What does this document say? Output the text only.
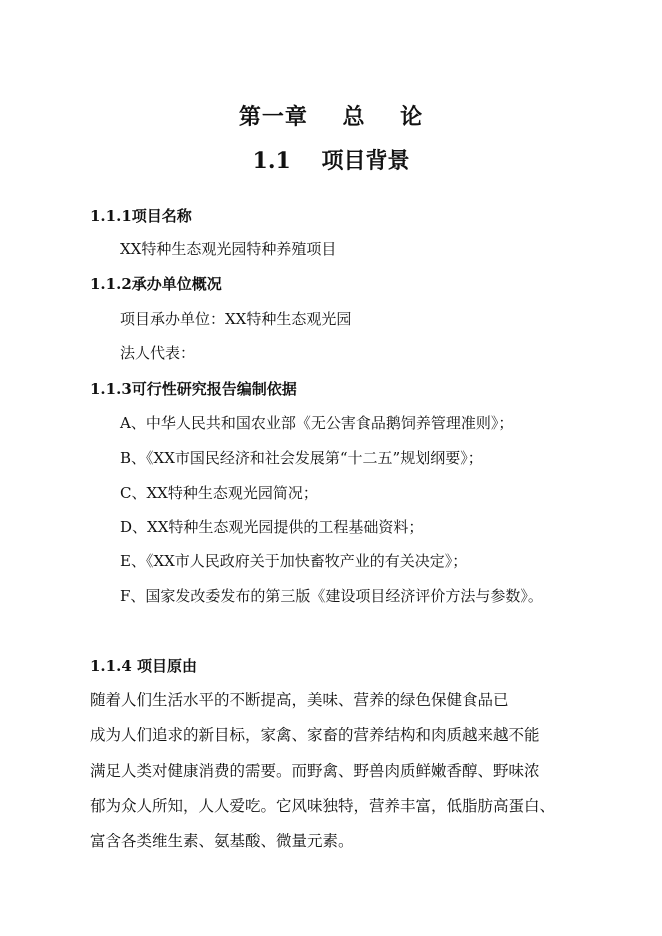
第一章    总    论
1.1    项目背景
1.1.1项目名称
XX特种生态观光园特种养殖项目
1.1.2承办单位概况
项目承办单位：XX特种生态观光园
法人代表：
1.1.3可行性研究报告编制依据
A、中华人民共和国农业部《无公害食品鹅饲养管理准则》；
B、《XX市国民经济和社会发展第“十二五”规划纲要》；
C、XX特种生态观光园简况；
D、XX特种生态观光园提供的工程基础资料；
E、《XX市人民政府关于加快畜牧产业的有关决定》；
F、国家发改委发布的第三版《建设项目经济评价方法与参数》。
1.1.4 项目原由
随着人们生活水平的不断提高，美味、营养的绿色保健食品已
成为人们追求的新目标，家禽、家畜的营养结构和肉质越来越不能
满足人类对健康消费的需要。而野禽、野兽肉质鲜嫩香醇、野味浓
郁为众人所知，人人爱吃。它风味独特，营养丰富，低脂肪高蛋白、
富含各类维生素、氨基酸、微量元素。
